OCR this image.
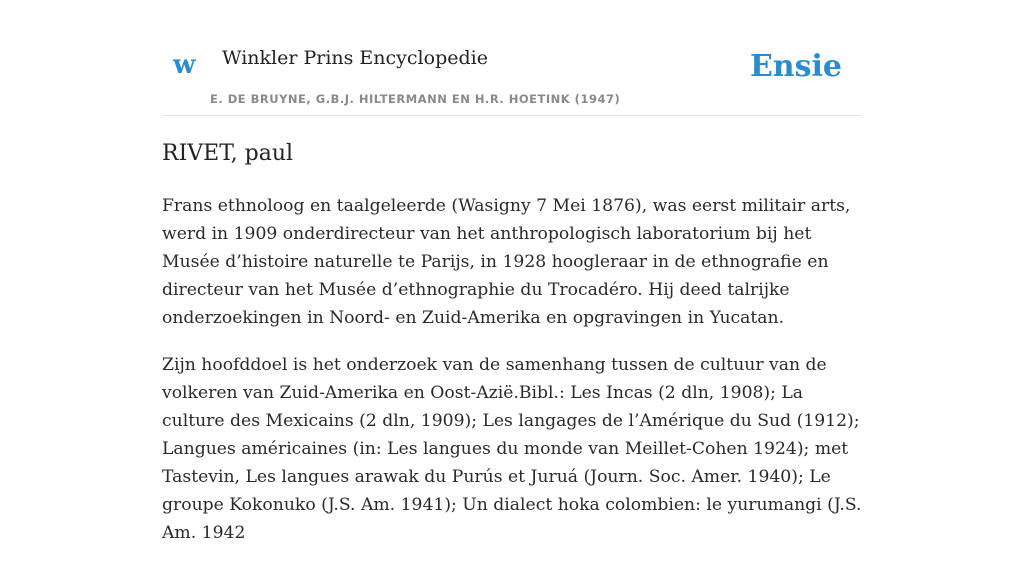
w Winkler Prins Encyclopedie
E. DE BRUYNE, G.B.J. HILTERMANN EN H.R. HOETINK (1947)
Ensie
RIVET, paul

Frans ethnoloog en taalgeleerde (Wasigny 7 Mei 1876), was eerst militair arts, werd in 1909 onderdirecteur van het anthropologisch laboratorium bij het Musée d’histoire naturelle te Parijs, in 1928 hoogleraar in de ethnografie en directeur van het Musée d’ethnographie du Trocadéro. Hij deed talrijke onderzoekingen in Noord- en Zuid-Amerika en opgravingen in Yucatan.

Zijn hoofddoel is het onderzoek van de samenhang tussen de cultuur van de volkeren van Zuid-Amerika en Oost-Azië.Bibl.: Les Incas (2 dln, 1908); La culture des Mexicains (2 dln, 1909); Les langages de l’Amérique du Sud (1912); Langues américaines (in: Les langues du monde van Meillet-Cohen 1924); met Tastevin, Les langues arawak du Purús et Juruá (Journ. Soc. Amer. 1940); Le groupe Kokonuko (J.S. Am. 1941); Un dialect hoka colombien: le yurumangi (J.S. Am. 1942
